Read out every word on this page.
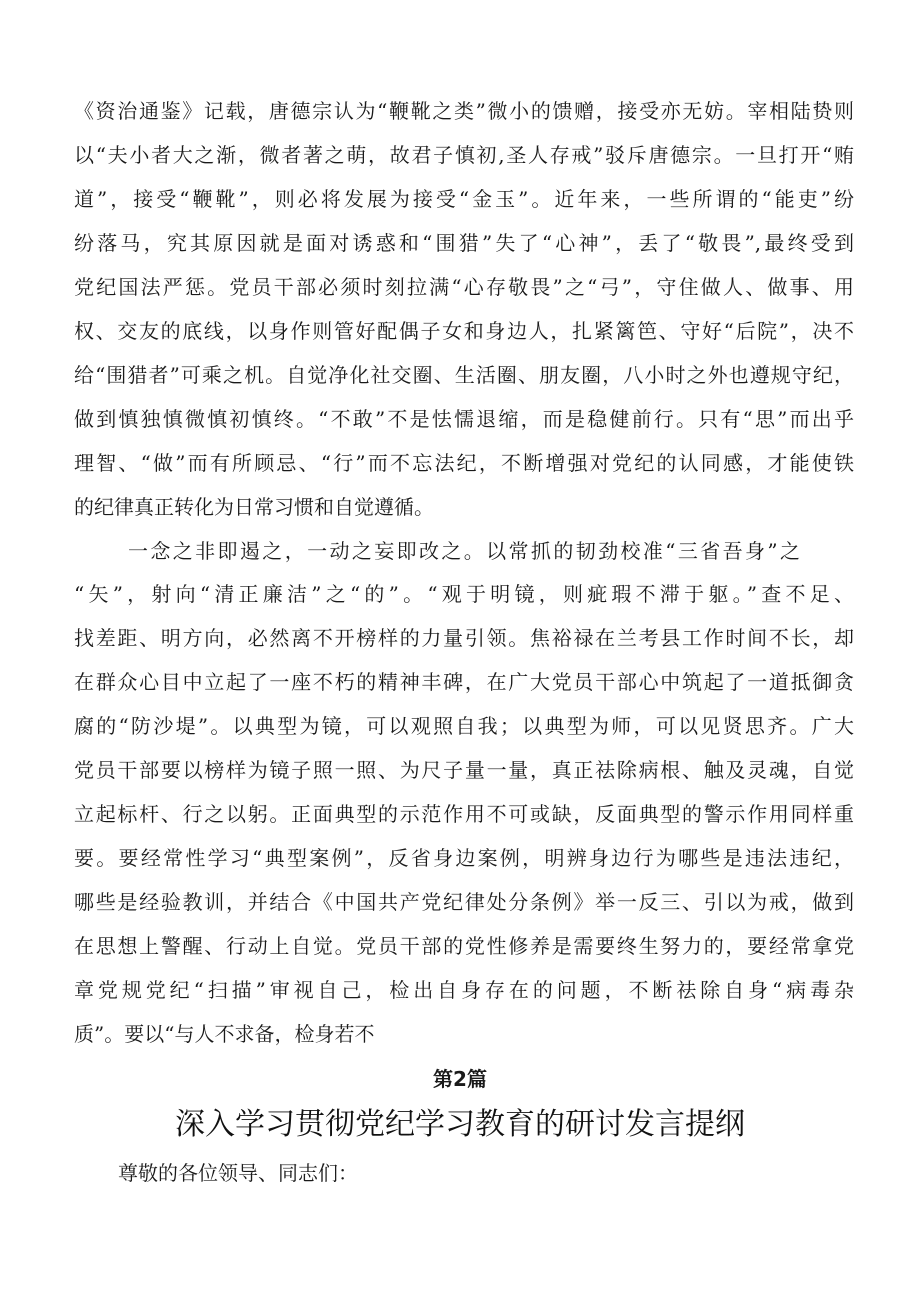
《资治通鉴》记载，唐德宗认为“鞭靴之类”微小的馈赠，接受亦无妨。宰相陆贽则
以“夫小者大之渐，微者著之萌，故君子慎初,圣人存戒”驳斥唐德宗。一旦打开“贿
道”，接受“鞭靴”，则必将发展为接受“金玉”。近年来，一些所谓的“能吏”纷
纷落马，究其原因就是面对诱惑和“围猎”失了“心神”，丢了“敬畏”,最终受到
党纪国法严惩。党员干部必须时刻拉满“心存敬畏”之“弓”，守住做人、做事、用
权、交友的底线，以身作则管好配偶子女和身边人，扎紧篱笆、守好“后院”，决不
给“围猎者”可乘之机。自觉净化社交圈、生活圈、朋友圈，八小时之外也遵规守纪，
做到慎独慎微慎初慎终。“不敢”不是怯懦退缩，而是稳健前行。只有“思”而出乎
理智、“做”而有所顾忌、“行”而不忘法纪，不断增强对党纪的认同感，才能使铁
的纪律真正转化为日常习惯和自觉遵循。
一念之非即遏之，一动之妄即改之。以常抓的韧劲校准“三省吾身”之
“矢”，射向“清正廉洁”之“的”。“观于明镜，则疵瑕不滞于躯。”查不足、
找差距、明方向，必然离不开榜样的力量引领。焦裕禄在兰考县工作时间不长，却
在群众心目中立起了一座不朽的精神丰碑，在广大党员干部心中筑起了一道抵御贪
腐的“防沙堤”。以典型为镜，可以观照自我；以典型为师，可以见贤思齐。广大
党员干部要以榜样为镜子照一照、为尺子量一量，真正祛除病根、触及灵魂，自觉
立起标杆、行之以躬。正面典型的示范作用不可或缺，反面典型的警示作用同样重
要。要经常性学习“典型案例”，反省身边案例，明辨身边行为哪些是违法违纪，
哪些是经验教训，并结合《中国共产党纪律处分条例》举一反三、引以为戒，做到
在思想上警醒、行动上自觉。党员干部的党性修养是需要终生努力的，要经常拿党
章党规党纪“扫描”审视自己，检出自身存在的问题，不断祛除自身“病毒杂
质”。要以“与人不求备，检身若不
第2篇
深入学习贯彻党纪学习教育的研讨发言提纲
尊敬的各位领导、同志们：
